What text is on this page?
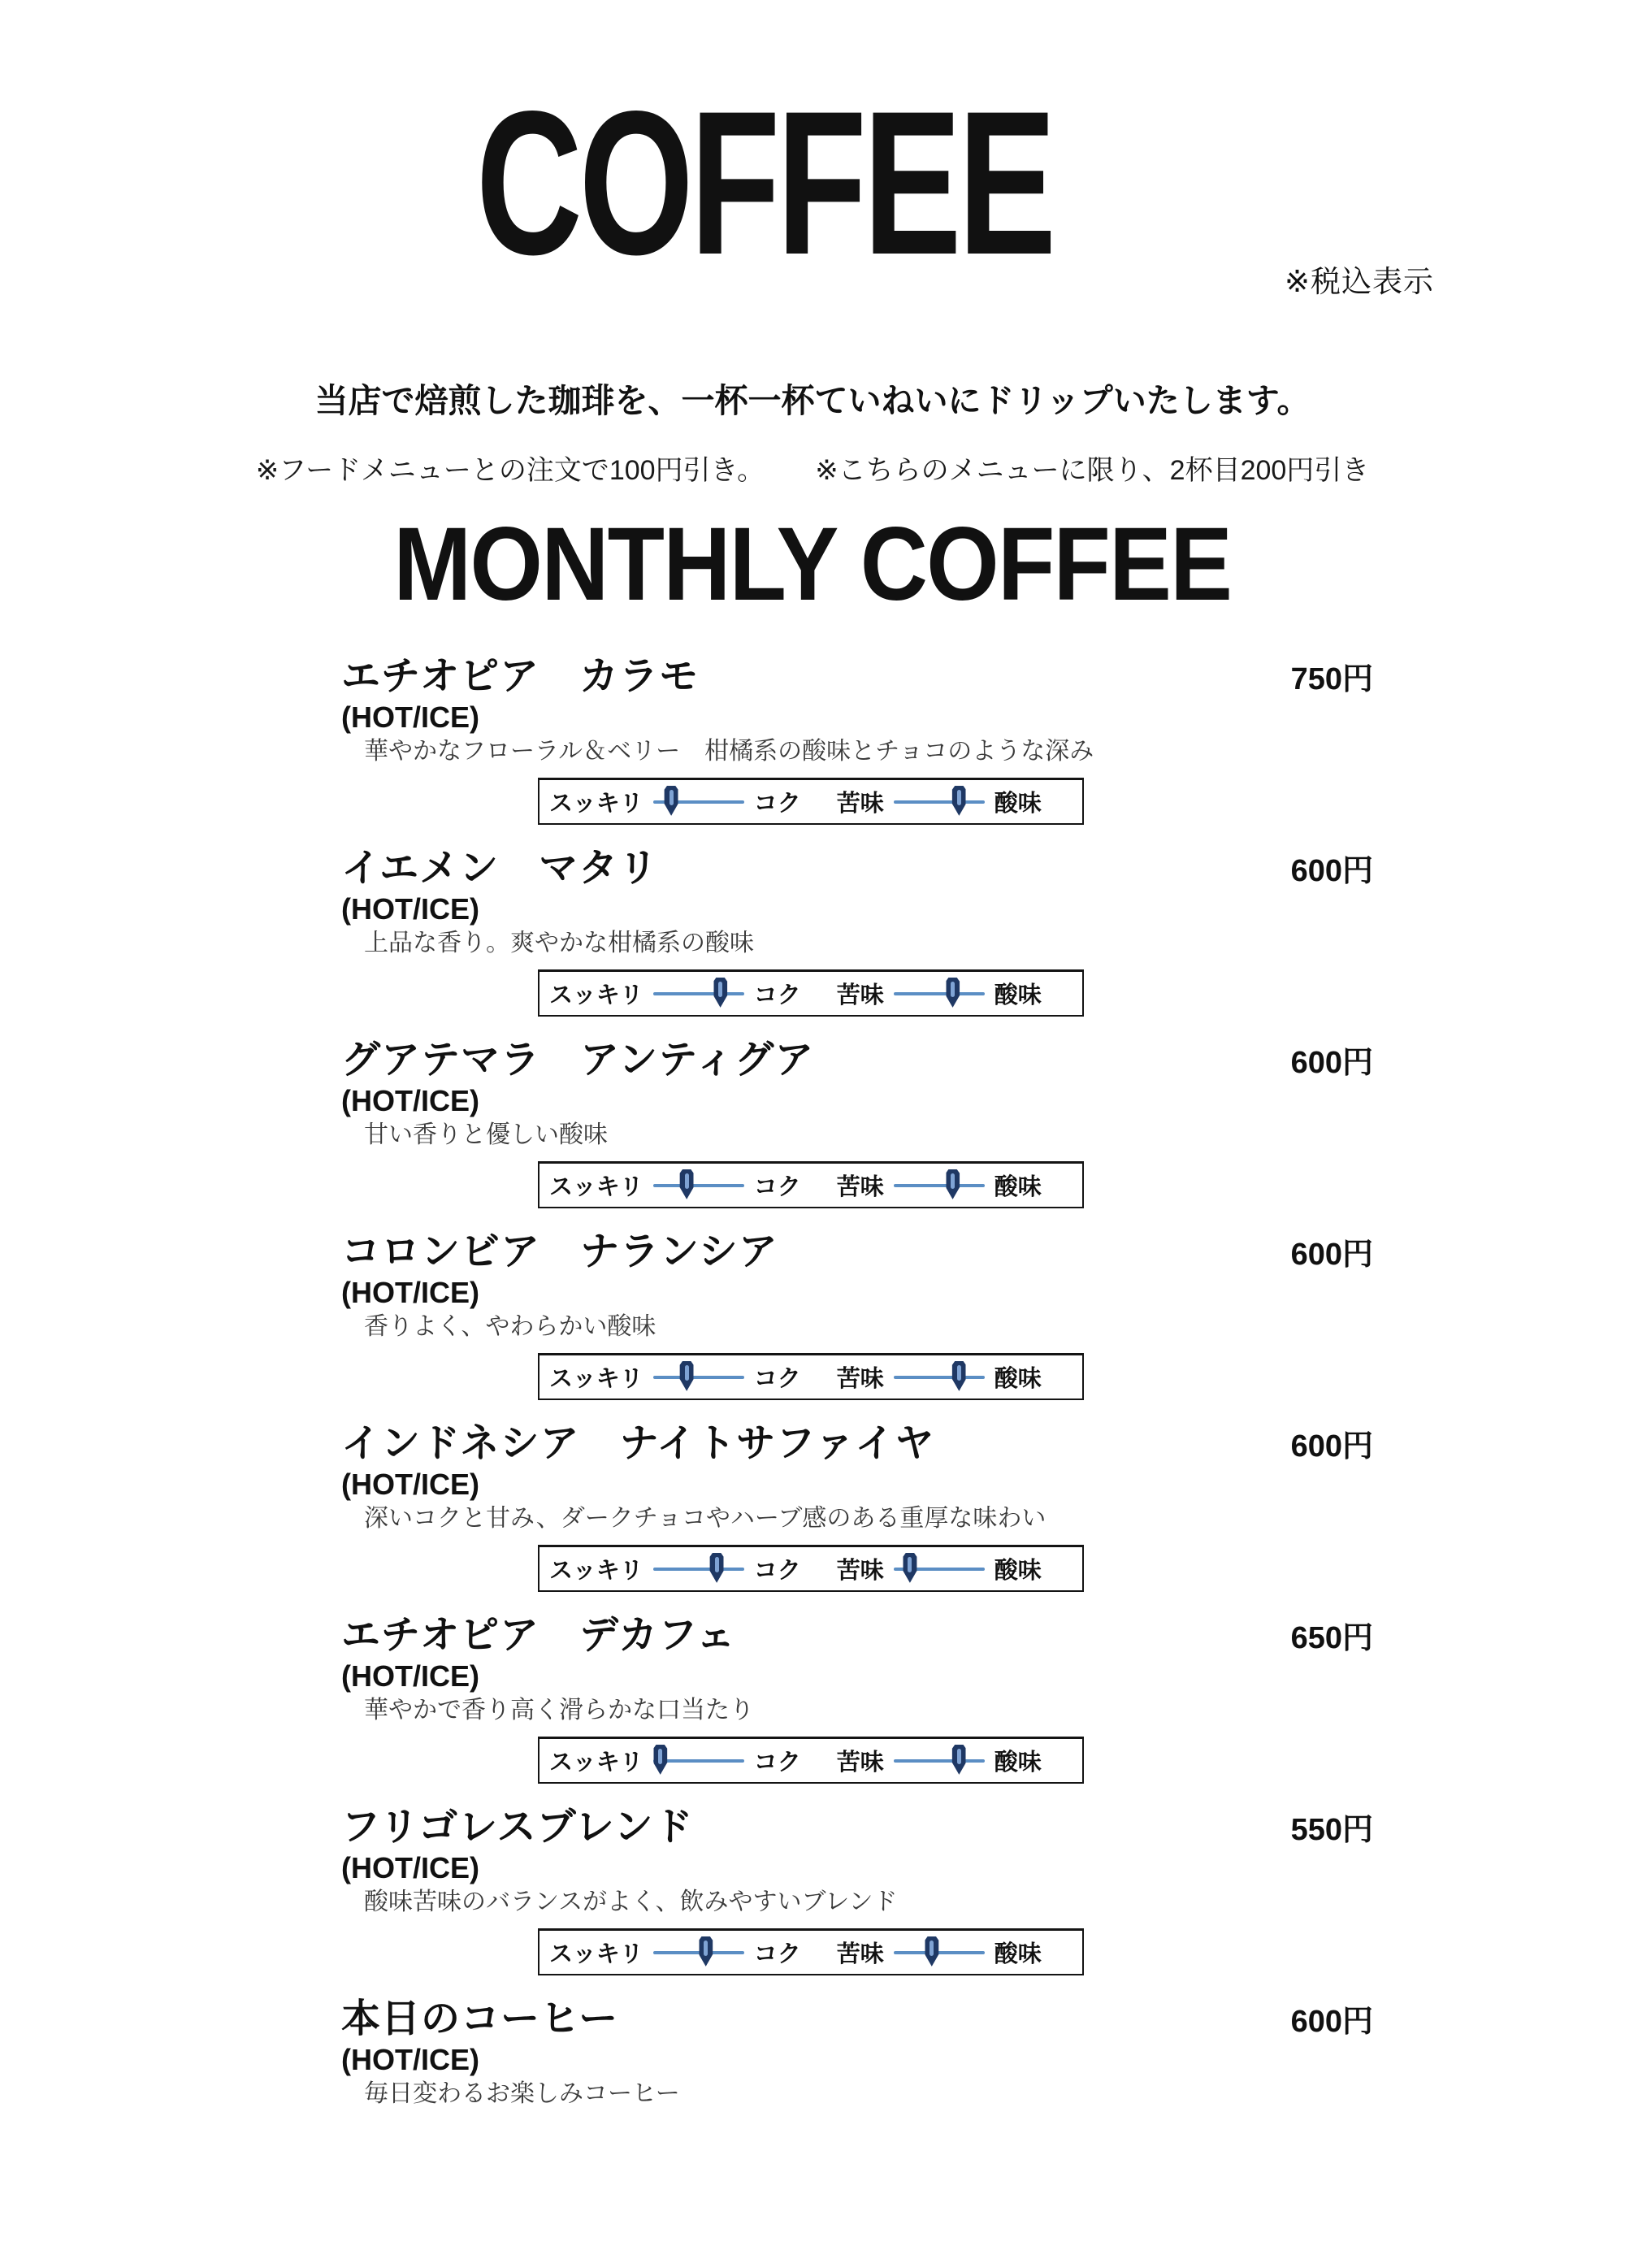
COFFEE	※税込表示
当店で焙煎した珈琲を、一杯一杯ていねいにドリップいたします。
※フードメニューとの注文で100円引き。 ※こちらのメニューに限り、2杯目200円引き
MONTHLY COFFEE
エチオピア　カラモ	750円
(HOT/ICE)
華やかなフローラル＆ベリー　柑橘系の酸味とチョコのような深み
スッキリ	コク 苦味	酸味
イエメン　マタリ	600円
(HOT/ICE)
上品な香り。爽やかな柑橘系の酸味
スッキリ	コク 苦味	酸味
グアテマラ　アンティグア	600円
(HOT/ICE)
甘い香りと優しい酸味
スッキリ	コク 苦味	酸味
コロンビア　ナランシア	600円
(HOT/ICE)
香りよく、やわらかい酸味
スッキリ	コク 苦味	酸味
インドネシア　ナイトサファイヤ	600円
(HOT/ICE)
深いコクと甘み、ダークチョコやハーブ感のある重厚な味わい
スッキリ	コク 苦味	酸味
エチオピア　デカフェ	650円
(HOT/ICE)
華やかで香り高く滑らかな口当たり
スッキリ	コク 苦味	酸味
フリゴレスブレンド	550円
(HOT/ICE)
酸味苦味のバランスがよく、飲みやすいブレンド
スッキリ	コク 苦味	酸味
本日のコーヒー	600円
(HOT/ICE)
毎日変わるお楽しみコーヒー
